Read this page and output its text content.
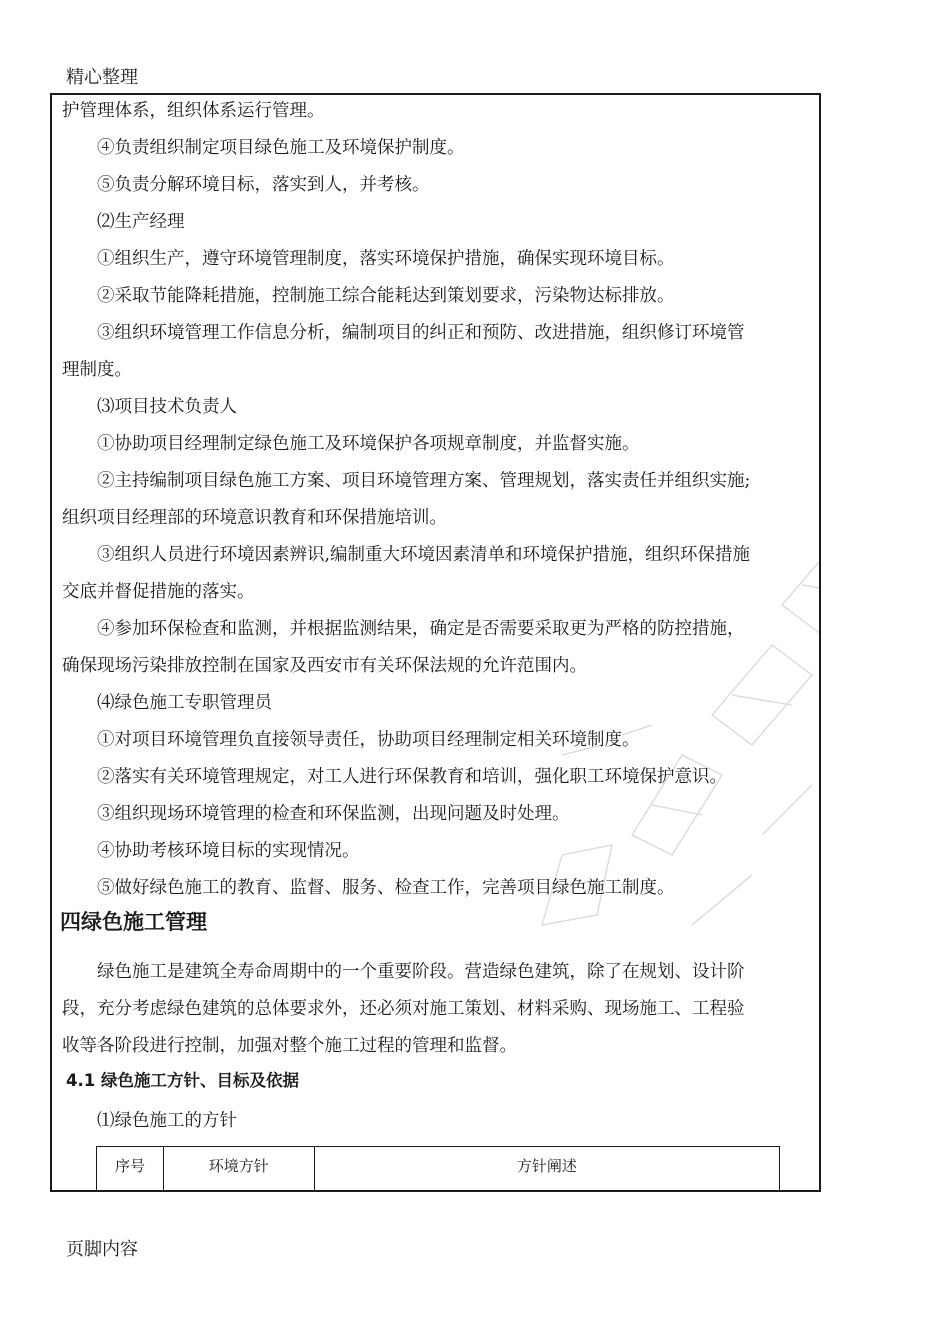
精心整理
护管理体系，组织体系运行管理。
④负责组织制定项目绿色施工及环境保护制度。
⑤负责分解环境目标，落实到人，并考核。
⑵生产经理
①组织生产，遵守环境管理制度，落实环境保护措施，确保实现环境目标。
②采取节能降耗措施，控制施工综合能耗达到策划要求，污染物达标排放。
③组织环境管理工作信息分析，编制项目的纠正和预防、改进措施，组织修订环境管
理制度。
⑶项目技术负责人
①协助项目经理制定绿色施工及环境保护各项规章制度，并监督实施。
②主持编制项目绿色施工方案、项目环境管理方案、管理规划，落实责任并组织实施;
组织项目经理部的环境意识教育和环保措施培训。
③组织人员进行环境因素辨识,编制重大环境因素清单和环境保护措施，组织环保措施
交底并督促措施的落实。
④参加环保检查和监测，并根据监测结果，确定是否需要采取更为严格的防控措施，
确保现场污染排放控制在国家及西安市有关环保法规的允许范围内。
⑷绿色施工专职管理员
①对项目环境管理负直接领导责任，协助项目经理制定相关环境制度。
②落实有关环境管理规定，对工人进行环保教育和培训，强化职工环境保护意识。
③组织现场环境管理的检查和环保监测，出现问题及时处理。
④协助考核环境目标的实现情况。
⑤做好绿色施工的教育、监督、服务、检查工作，完善项目绿色施工制度。
四绿色施工管理
绿色施工是建筑全寿命周期中的一个重要阶段。营造绿色建筑，除了在规划、设计阶
段，充分考虑绿色建筑的总体要求外，还必须对施工策划、材料采购、现场施工、工程验
收等各阶段进行控制，加强对整个施工过程的管理和监督。
4.1 绿色施工方针、目标及依据
⑴绿色施工的方针
序号	环境方针	方针阐述
页脚内容
